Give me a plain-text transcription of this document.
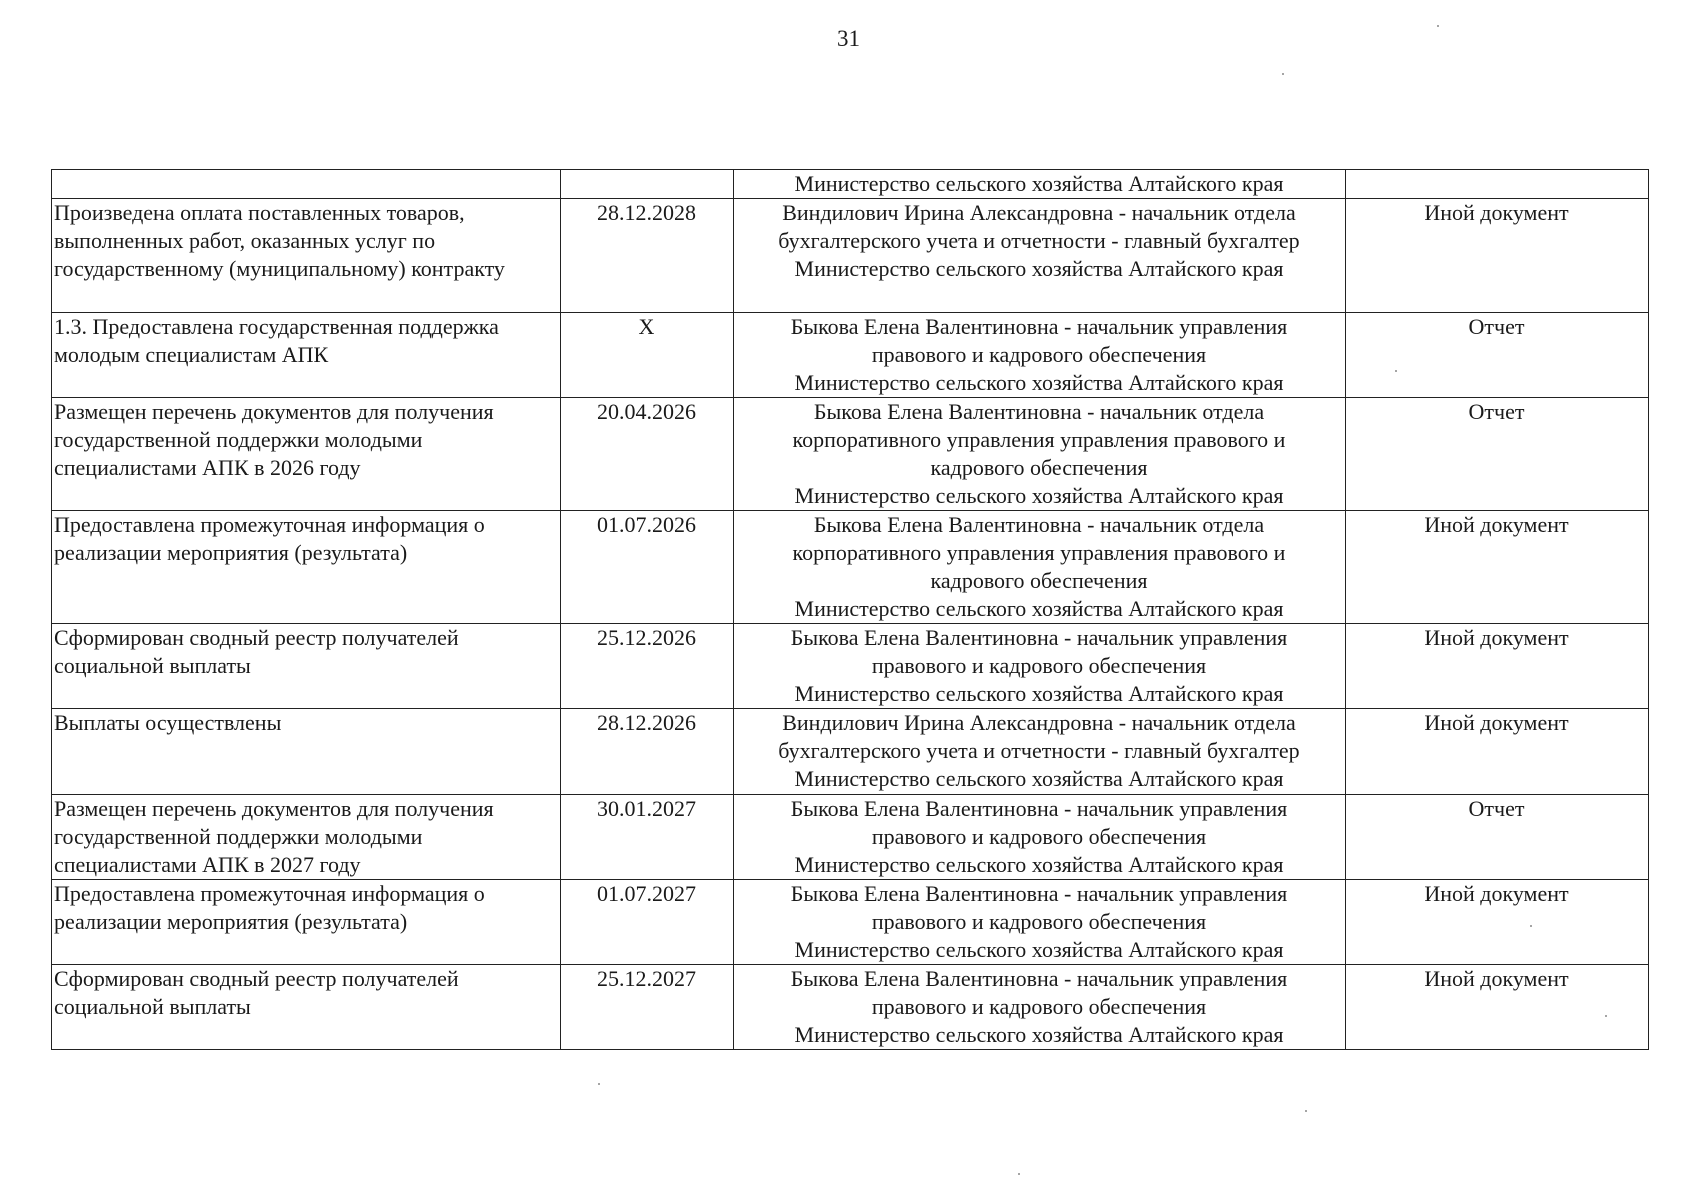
31

		Министерство сельского хозяйства Алтайского края	

Произведена оплата поставленных товаров, выполненных работ, оказанных услуг по государственному (муниципальному) контракту	28.12.2028	Виндилович Ирина Александровна - начальник отдела
бухгалтерского учета и отчетности - главный бухгалтер
Министерство сельского хозяйства Алтайского края	Иной документ
1.3. Предоставлена государственная поддержка молодым специалистам АПК	Х	Быкова Елена Валентиновна - начальник управления
правового и кадрового обеспечения
Министерство сельского хозяйства Алтайского края	Отчет
Размещен перечень документов для получения государственной поддержки молодыми специалистами АПК в 2026 году	20.04.2026	Быкова Елена Валентиновна - начальник отдела
корпоративного управления управления правового и
кадрового обеспечения
Министерство сельского хозяйства Алтайского края	Отчет
Предоставлена промежуточная информация о реализации мероприятия (результата)	01.07.2026	Быкова Елена Валентиновна - начальник отдела
корпоративного управления управления правового и
кадрового обеспечения
Министерство сельского хозяйства Алтайского края	Иной документ
Сформирован сводный реестр получателей социальной выплаты	25.12.2026	Быкова Елена Валентиновна - начальник управления
правового и кадрового обеспечения
Министерство сельского хозяйства Алтайского края	Иной документ
Выплаты осуществлены	28.12.2026	Виндилович Ирина Александровна - начальник отдела
бухгалтерского учета и отчетности - главный бухгалтер
Министерство сельского хозяйства Алтайского края	Иной документ
Размещен перечень документов для получения государственной поддержки молодыми специалистами АПК в 2027 году	30.01.2027	Быкова Елена Валентиновна - начальник управления
правового и кадрового обеспечения
Министерство сельского хозяйства Алтайского края	Отчет
Предоставлена промежуточная информация о реализации мероприятия (результата)	01.07.2027	Быкова Елена Валентиновна - начальник управления
правового и кадрового обеспечения
Министерство сельского хозяйства Алтайского края	Иной документ
Сформирован сводный реестр получателей социальной выплаты	25.12.2027	Быкова Елена Валентиновна - начальник управления
правового и кадрового обеспечения
Министерство сельского хозяйства Алтайского края	Иной документ
